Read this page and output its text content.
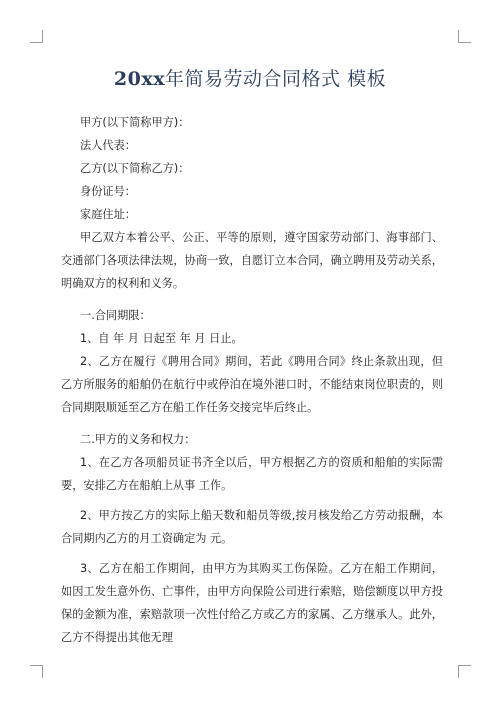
20xx年简易劳动合同格式 模板

甲方(以下简称甲方)：

法人代表：

乙方(以下简称乙方)：

身份证号：

家庭住址：

甲乙双方本着公平、公正、平等的原则，遵守国家劳动部门、海事部门、交通部门各项法律法规，协商一致，自愿订立本合同，确立聘用及劳动关系，明确双方的权利和义务。

一.合同期限：

1、自 年 月 日起至 年 月 日止。

2、乙方在履行《聘用合同》期间，若此《聘用合同》终止条款出现，但乙方所服务的船舶仍在航行中或停泊在境外港口时，不能结束岗位职责的，则合同期限顺延至乙方在船工作任务交接完毕后终止。

二.甲方的义务和权力：

1、在乙方各项船员证书齐全以后，甲方根据乙方的资质和船舶的实际需要，安排乙方在船舶上从事 工作。

2、甲方按乙方的实际上船天数和船员等级,按月核发给乙方劳动报酬，本合同期内乙方的月工资确定为 元。

3、乙方在船工作期间，由甲方为其购买工伤保险。乙方在船工作期间，如因工发生意外伤、亡事件，由甲方向保险公司进行索赔，赔偿额度以甲方投保的金额为准，索赔款项一次性付给乙方或乙方的家属、乙方继承人。此外，乙方不得提出其他无理
